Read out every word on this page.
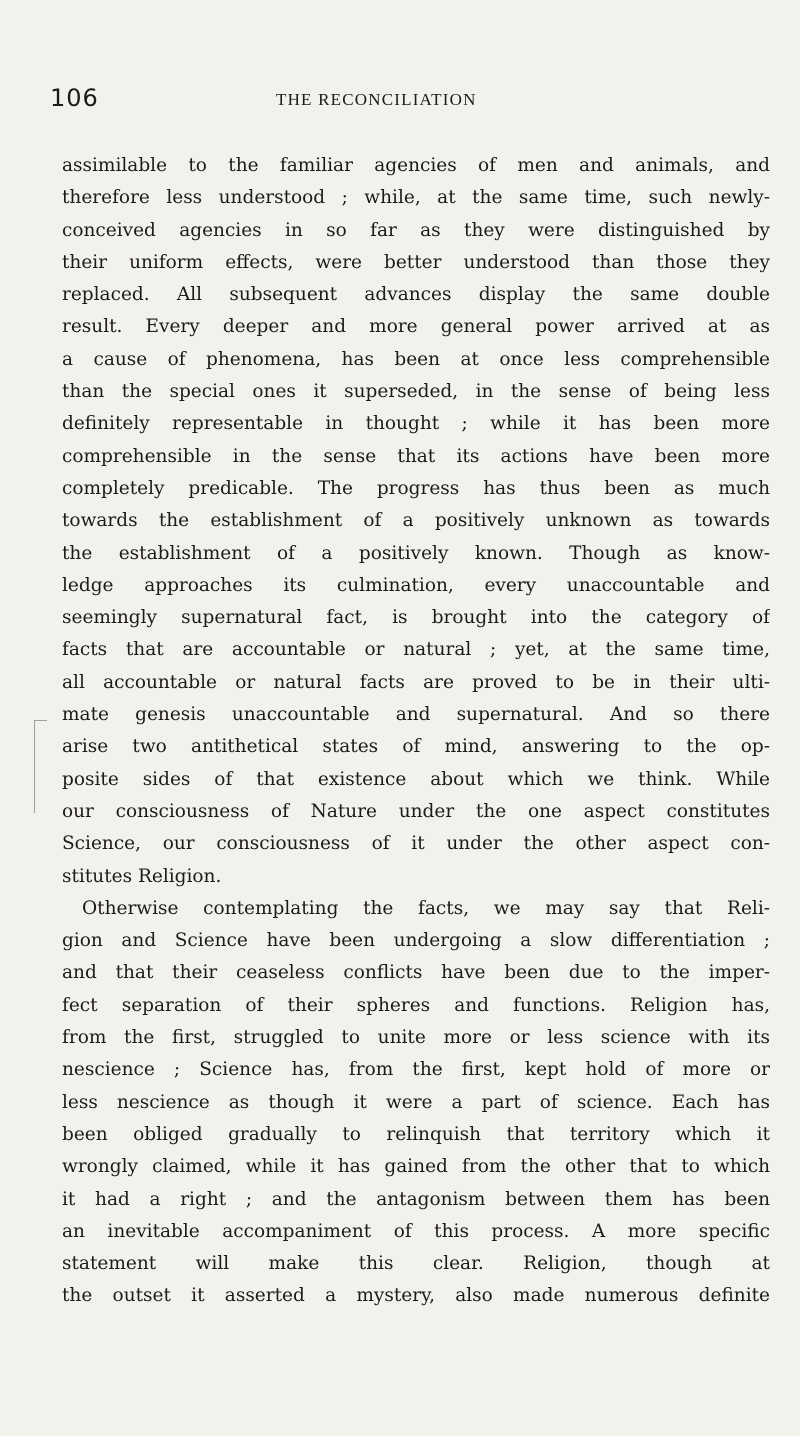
106	THE RECONCILIATION
assimilable to the familiar agencies of men and animals, and
therefore less understood ; while, at the same time, such newly-
conceived agencies in so far as they were distinguished by
their uniform effects, were better understood than those they
replaced. All subsequent advances display the same double
result. Every deeper and more general power arrived at as
a cause of phenomena, has been at once less comprehensible
than the special ones it superseded, in the sense of being less
definitely representable in thought ; while it has been more
comprehensible in the sense that its actions have been more
completely predicable. The progress has thus been as much
towards the establishment of a positively unknown as towards
the establishment of a positively known. Though as know-
ledge approaches its culmination, every unaccountable and
seemingly supernatural fact, is brought into the category of
facts that are accountable or natural ; yet, at the same time,
all accountable or natural facts are proved to be in their ulti-
mate genesis unaccountable and supernatural. And so there
arise two antithetical states of mind, answering to the op-
posite sides of that existence about which we think. While
our consciousness of Nature under the one aspect constitutes
Science, our consciousness of it under the other aspect con-
stitutes Religion.
Otherwise contemplating the facts, we may say that Reli-
gion and Science have been undergoing a slow differentiation ;
and that their ceaseless conflicts have been due to the imper-
fect separation of their spheres and functions. Religion has,
from the first, struggled to unite more or less science with its
nescience ; Science has, from the first, kept hold of more or
less nescience as though it were a part of science. Each has
been obliged gradually to relinquish that territory which it
wrongly claimed, while it has gained from the other that to which
it had a right ; and the antagonism between them has been
an inevitable accompaniment of this process. A more specific
statement will make this clear. Religion, though at
the outset it asserted a mystery, also made numerous definite
